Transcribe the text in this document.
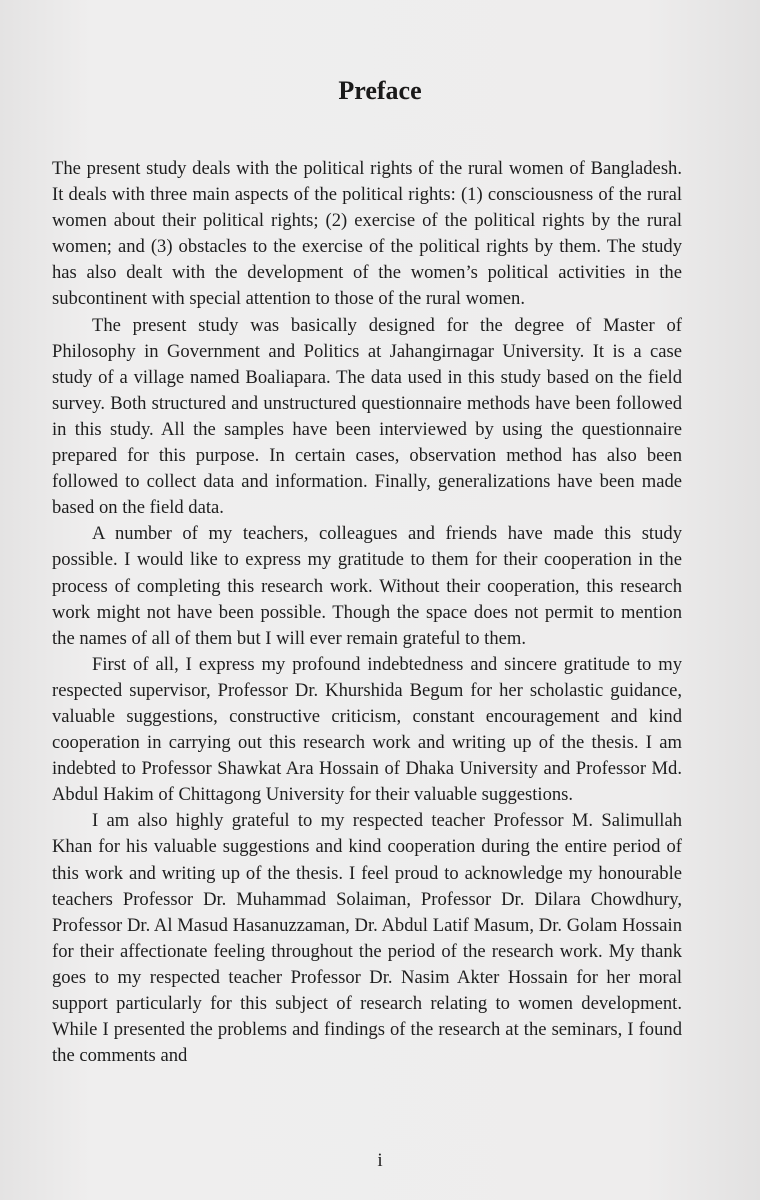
Preface

The present study deals with the political rights of the rural women of Bangladesh. It deals with three main aspects of the political rights: (1) consciousness of the rural women about their political rights; (2) exercise of the political rights by the rural women; and (3) obstacles to the exercise of the political rights by them. The study has also dealt with the development of the women’s political activities in the subcontinent with special attention to those of the rural women.

The present study was basically designed for the degree of Master of Philosophy in Government and Politics at Jahangirnagar University. It is a case study of a village named Boaliapara. The data used in this study based on the field survey. Both structured and unstructured questionnaire methods have been followed in this study. All the samples have been interviewed by using the questionnaire prepared for this purpose. In certain cases, observation method has also been followed to collect data and information. Finally, generalizations have been made based on the field data.

A number of my teachers, colleagues and friends have made this study possible. I would like to express my gratitude to them for their cooperation in the process of completing this research work. Without their cooperation, this research work might not have been possible. Though the space does not permit to mention the names of all of them but I will ever remain grateful to them.

First of all, I express my profound indebtedness and sincere gratitude to my respected supervisor, Professor Dr. Khurshida Begum for her scholastic guidance, valuable suggestions, constructive criticism, constant encouragement and kind cooperation in carrying out this research work and writing up of the thesis. I am indebted to Professor Shawkat Ara Hossain of Dhaka University and Professor Md. Abdul Hakim of Chittagong University for their valuable suggestions.

I am also highly grateful to my respected teacher Professor M. Salimullah Khan for his valuable suggestions and kind cooperation during the entire period of this work and writing up of the thesis. I feel proud to acknowledge my honourable teachers Professor Dr. Muhammad Solaiman, Professor Dr. Dilara Chowdhury, Professor Dr. Al Masud Hasanuzzaman, Dr. Abdul Latif Masum, Dr. Golam Hossain for their affectionate feeling throughout the period of the research work. My thank goes to my respected teacher Professor Dr. Nasim Akter Hossain for her moral support particularly for this subject of research relating to women development. While I presented the problems and findings of the research at the seminars, I found the comments and

i
